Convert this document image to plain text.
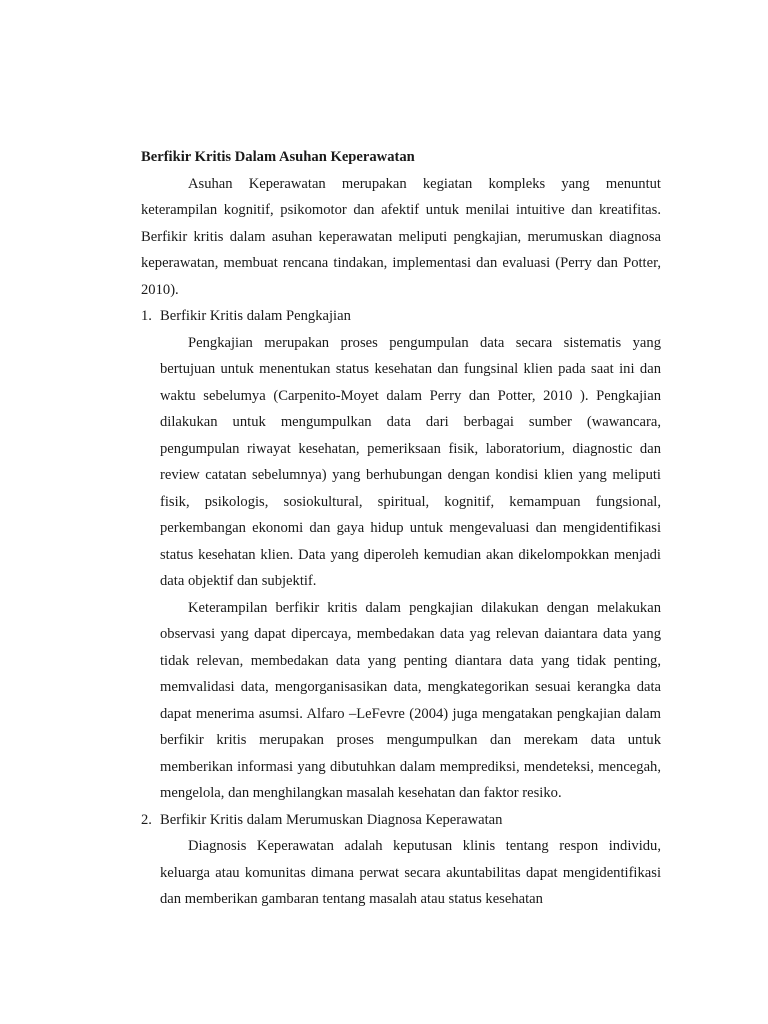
Berfikir Kritis Dalam Asuhan Keperawatan

Asuhan Keperawatan merupakan kegiatan kompleks yang menuntut keterampilan kognitif, psikomotor dan afektif untuk menilai intuitive dan kreatifitas. Berfikir kritis dalam asuhan keperawatan meliputi pengkajian, merumuskan diagnosa keperawatan, membuat rencana tindakan, implementasi dan evaluasi (Perry dan Potter, 2010).

1. Berfikir Kritis dalam Pengkajian

Pengkajian merupakan proses pengumpulan data secara sistematis yang bertujuan untuk menentukan status kesehatan dan fungsinal klien pada saat ini dan waktu sebelumya (Carpenito-Moyet dalam Perry dan Potter, 2010 ). Pengkajian dilakukan untuk mengumpulkan data dari berbagai sumber (wawancara, pengumpulan riwayat kesehatan, pemeriksaan fisik, laboratorium, diagnostic dan review catatan sebelumnya) yang berhubungan dengan kondisi klien yang meliputi fisik, psikologis, sosiokultural, spiritual, kognitif, kemampuan fungsional, perkembangan ekonomi dan gaya hidup untuk mengevaluasi dan mengidentifikasi status kesehatan klien. Data yang diperoleh kemudian akan dikelompokkan menjadi data objektif dan subjektif.

Keterampilan berfikir kritis dalam pengkajian dilakukan dengan melakukan observasi yang dapat dipercaya, membedakan data yag relevan daiantara data yang tidak relevan, membedakan data yang penting diantara data yang tidak penting, memvalidasi data, mengorganisasikan data, mengkategorikan sesuai kerangka data dapat menerima asumsi. Alfaro –LeFevre (2004) juga mengatakan pengkajian dalam berfikir kritis merupakan proses mengumpulkan dan merekam data untuk memberikan informasi yang dibutuhkan dalam memprediksi, mendeteksi, mencegah, mengelola, dan menghilangkan masalah kesehatan dan faktor resiko.

2. Berfikir Kritis dalam Merumuskan Diagnosa Keperawatan

Diagnosis Keperawatan adalah keputusan klinis tentang respon individu, keluarga atau komunitas dimana perwat secara akuntabilitas dapat mengidentifikasi dan memberikan gambaran tentang masalah atau status kesehatan
